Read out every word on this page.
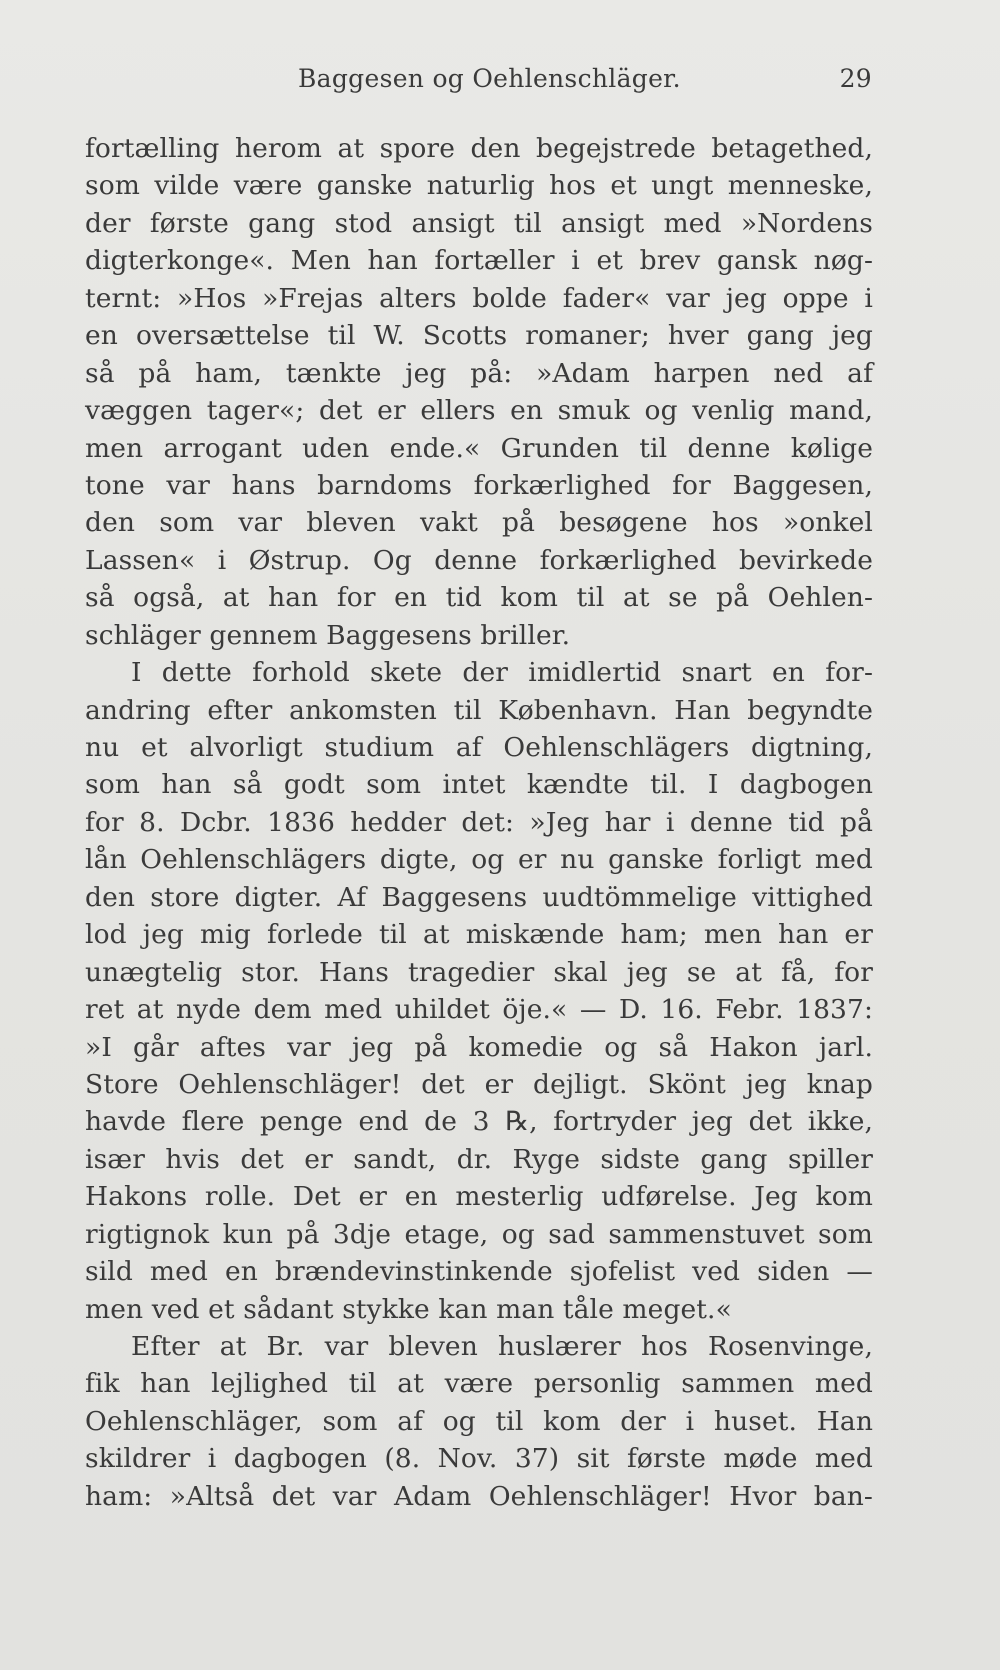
Baggesen og Oehlenschläger.	29
fortælling herom at spore den begejstrede betagethed,
som vilde være ganske naturlig hos et ungt menneske,
der første gang stod ansigt til ansigt med »Nordens
digterkonge«. Men han fortæller i et brev gansk nøg-
ternt: »Hos »Frejas alters bolde fader« var jeg oppe i
en oversættelse til W. Scotts romaner; hver gang jeg
så på ham, tænkte jeg på: »Adam harpen ned af
væggen tager«; det er ellers en smuk og venlig mand,
men arrogant uden ende.« Grunden til denne kølige
tone var hans barndoms forkærlighed for Baggesen,
den som var bleven vakt på besøgene hos »onkel
Lassen« i Østrup. Og denne forkærlighed bevirkede
så også, at han for en tid kom til at se på Oehlen-
schläger gennem Baggesens briller.
I dette forhold skete der imidlertid snart en for-
andring efter ankomsten til København. Han begyndte
nu et alvorligt studium af Oehlenschlägers digtning,
som han så godt som intet kændte til. I dagbogen
for 8. Dcbr. 1836 hedder det: »Jeg har i denne tid på
lån Oehlenschlägers digte, og er nu ganske forligt med
den store digter. Af Baggesens uudtömmelige vittighed
lod jeg mig forlede til at miskænde ham; men han er
unægtelig stor. Hans tragedier skal jeg se at få, for
ret at nyde dem med uhildet öje.« — D. 16. Febr. 1837:
»I går aftes var jeg på komedie og så Hakon jarl.
Store Oehlenschläger! det er dejligt. Skönt jeg knap
havde flere penge end de 3 ℞, fortryder jeg det ikke,
især hvis det er sandt, dr. Ryge sidste gang spiller
Hakons rolle. Det er en mesterlig udførelse. Jeg kom
rigtignok kun på 3dje etage, og sad sammenstuvet som
sild med en brændevinstinkende sjofelist ved siden —
men ved et sådant stykke kan man tåle meget.«
Efter at Br. var bleven huslærer hos Rosenvinge,
fik han lejlighed til at være personlig sammen med
Oehlenschläger, som af og til kom der i huset. Han
skildrer i dagbogen (8. Nov. 37) sit første møde med
ham: »Altså det var Adam Oehlenschläger! Hvor ban-
